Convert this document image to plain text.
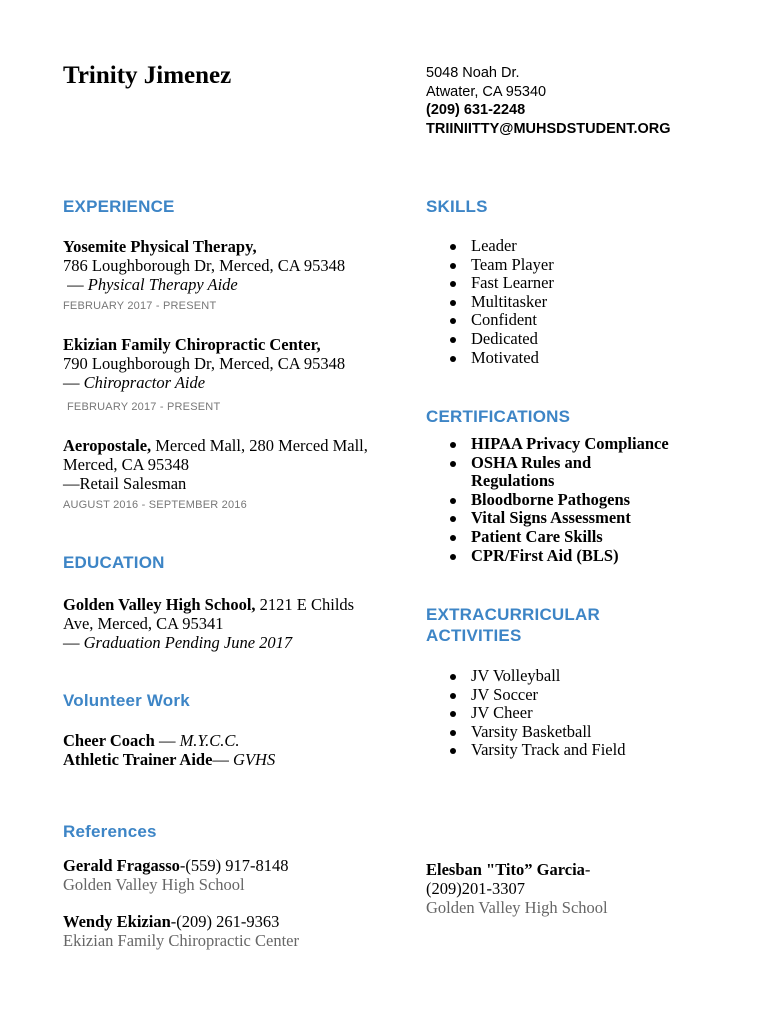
Trinity Jimenez	5048 Noah Dr.
Atwater, CA 95340
(209) 631-2248
TRIINIITTY@MUHSDSTUDENT.ORG
EXPERIENCE
Yosemite Physical Therapy,
786 Loughborough Dr, Merced, CA 95348
— Physical Therapy Aide
FEBRUARY 2017 - PRESENT
Ekizian Family Chiropractic Center,
790 Loughborough Dr, Merced, CA 95348
— Chiropractor Aide
FEBRUARY 2017 - PRESENT
Aeropostale, Merced Mall, 280 Merced Mall, Merced, CA 95348
—Retail Salesman
AUGUST 2016 - SEPTEMBER 2016
EDUCATION
Golden Valley High School, 2121 E Childs Ave, Merced, CA 95341
— Graduation Pending June 2017
Volunteer Work
Cheer Coach — M.Y.C.C.
Athletic Trainer Aide— GVHS
References
Gerald Fragasso-(559) 917-8148
Golden Valley High School
Wendy Ekizian-(209) 261-9363
Ekizian Family Chiropractic Center
Elesban "Tito” Garcia-
(209)201-3307
Golden Valley High School
SKILLS
Leader
Team Player
Fast Learner
Multitasker
Confident
Dedicated
Motivated
CERTIFICATIONS
HIPAA Privacy Compliance
OSHA Rules and Regulations
Bloodborne Pathogens
Vital Signs Assessment
Patient Care Skills
CPR/First Aid (BLS)
EXTRACURRICULAR ACTIVITIES
JV Volleyball
JV Soccer
JV Cheer
Varsity Basketball
Varsity Track and Field
